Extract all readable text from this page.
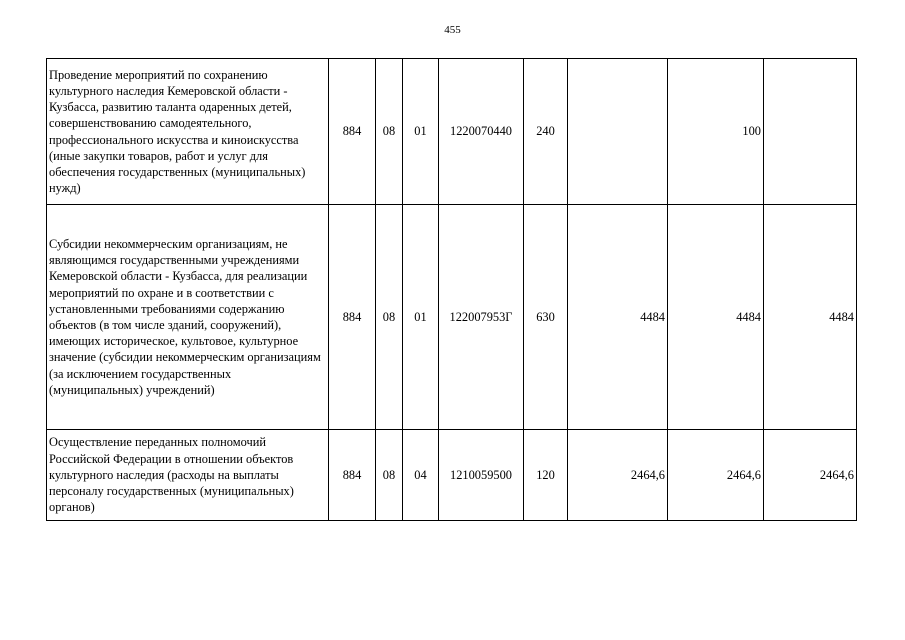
455
Проведение мероприятий по сохранению культурного наследия Кемеровской области - Кузбасса, развитию таланта одаренных детей, совершенствованию самодеятельного, профессионального искусства и киноискусства (иные закупки товаров, работ и услуг для обеспечения государственных (муниципальных) нужд)	884	08	01	1220070440	240		100	
Субсидии некоммерческим организациям, не являющимся государственными учреждениями Кемеровской области - Кузбасса, для реализации мероприятий по охране и в соответствии с установленными требованиями содержанию объектов (в том числе зданий, сооружений), имеющих историческое, культовое, культурное значение (субсидии некоммерческим организациям (за исключением государственных (муниципальных) учреждений)	884	08	01	122007953Г	630	4484	4484	4484
Осуществление переданных полномочий Российской Федерации в отношении объектов культурного наследия (расходы на выплаты персоналу государственных (муниципальных) органов)	884	08	04	1210059500	120	2464,6	2464,6	2464,6
